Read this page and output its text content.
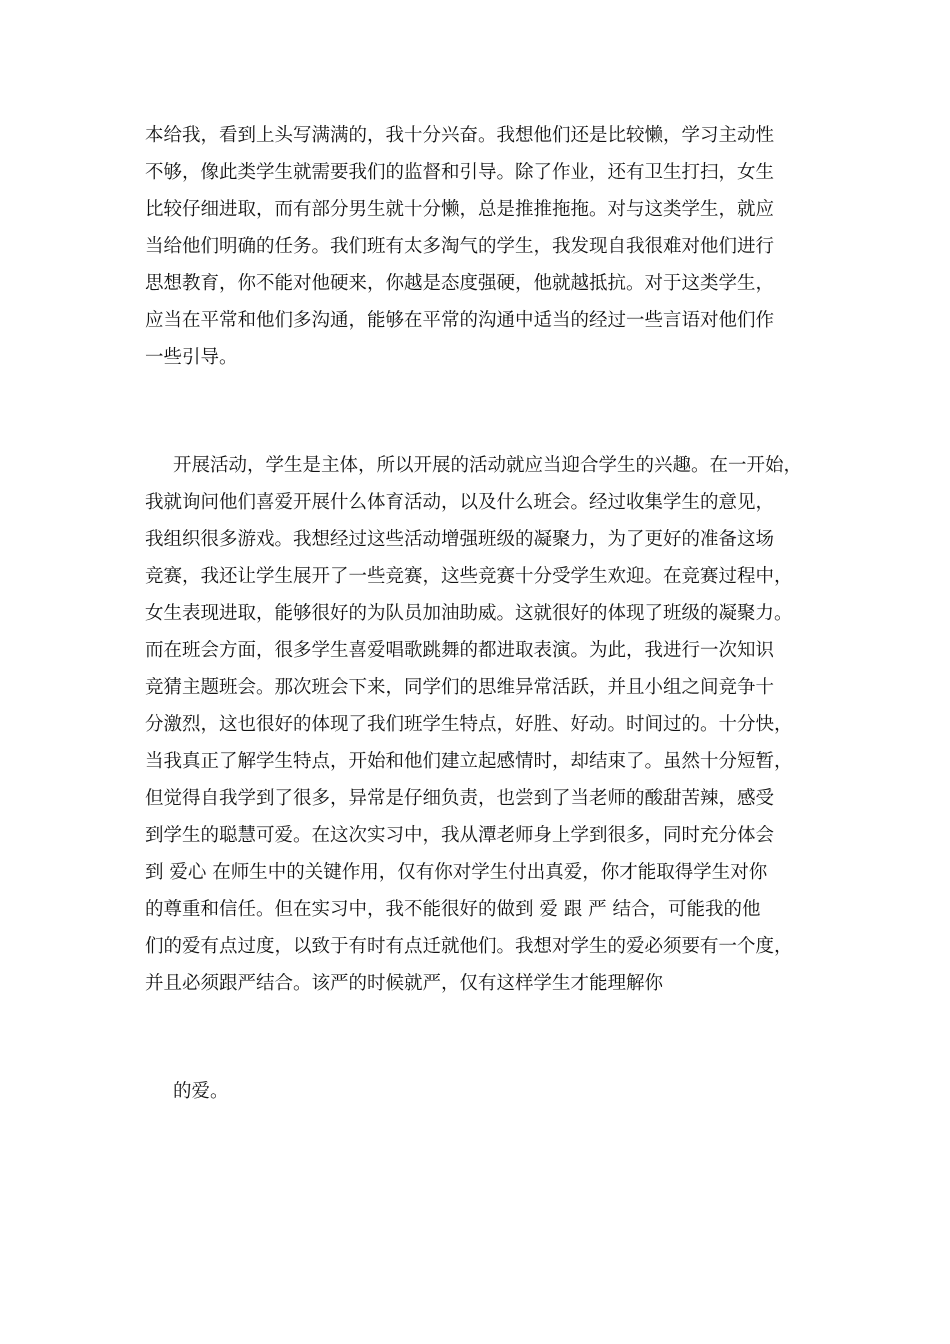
本给我，看到上头写满满的，我十分兴奋。我想他们还是比较懒，学习主动性
不够，像此类学生就需要我们的监督和引导。除了作业，还有卫生打扫，女生
比较仔细进取，而有部分男生就十分懒，总是推推拖拖。对与这类学生，就应
当给他们明确的任务。我们班有太多淘气的学生，我发现自我很难对他们进行
思想教育，你不能对他硬来，你越是态度强硬，他就越抵抗。对于这类学生，
应当在平常和他们多沟通，能够在平常的沟通中适当的经过一些言语对他们作
一些引导。
开展活动，学生是主体，所以开展的活动就应当迎合学生的兴趣。在一开始，
我就询问他们喜爱开展什么体育活动，以及什么班会。经过收集学生的意见，
我组织很多游戏。我想经过这些活动增强班级的凝聚力，为了更好的准备这场
竞赛，我还让学生展开了一些竞赛，这些竞赛十分受学生欢迎。在竞赛过程中，
女生表现进取，能够很好的为队员加油助威。这就很好的体现了班级的凝聚力。
而在班会方面，很多学生喜爱唱歌跳舞的都进取表演。为此，我进行一次知识
竞猜主题班会。那次班会下来，同学们的思维异常活跃，并且小组之间竞争十
分激烈，这也很好的体现了我们班学生特点，好胜、好动。时间过的。十分快，
当我真正了解学生特点，开始和他们建立起感情时，却结束了。虽然十分短暂，
但觉得自我学到了很多，异常是仔细负责，也尝到了当老师的酸甜苦辣，感受
到学生的聪慧可爱。在这次实习中，我从潭老师身上学到很多，同时充分体会
到 爱心 在师生中的关键作用，仅有你对学生付出真爱，你才能取得学生对你
的尊重和信任。但在实习中，我不能很好的做到 爱 跟 严 结合，可能我的他
们的爱有点过度，以致于有时有点迁就他们。我想对学生的爱必须要有一个度，
并且必须跟严结合。该严的时候就严，仅有这样学生才能理解你
的爱。
